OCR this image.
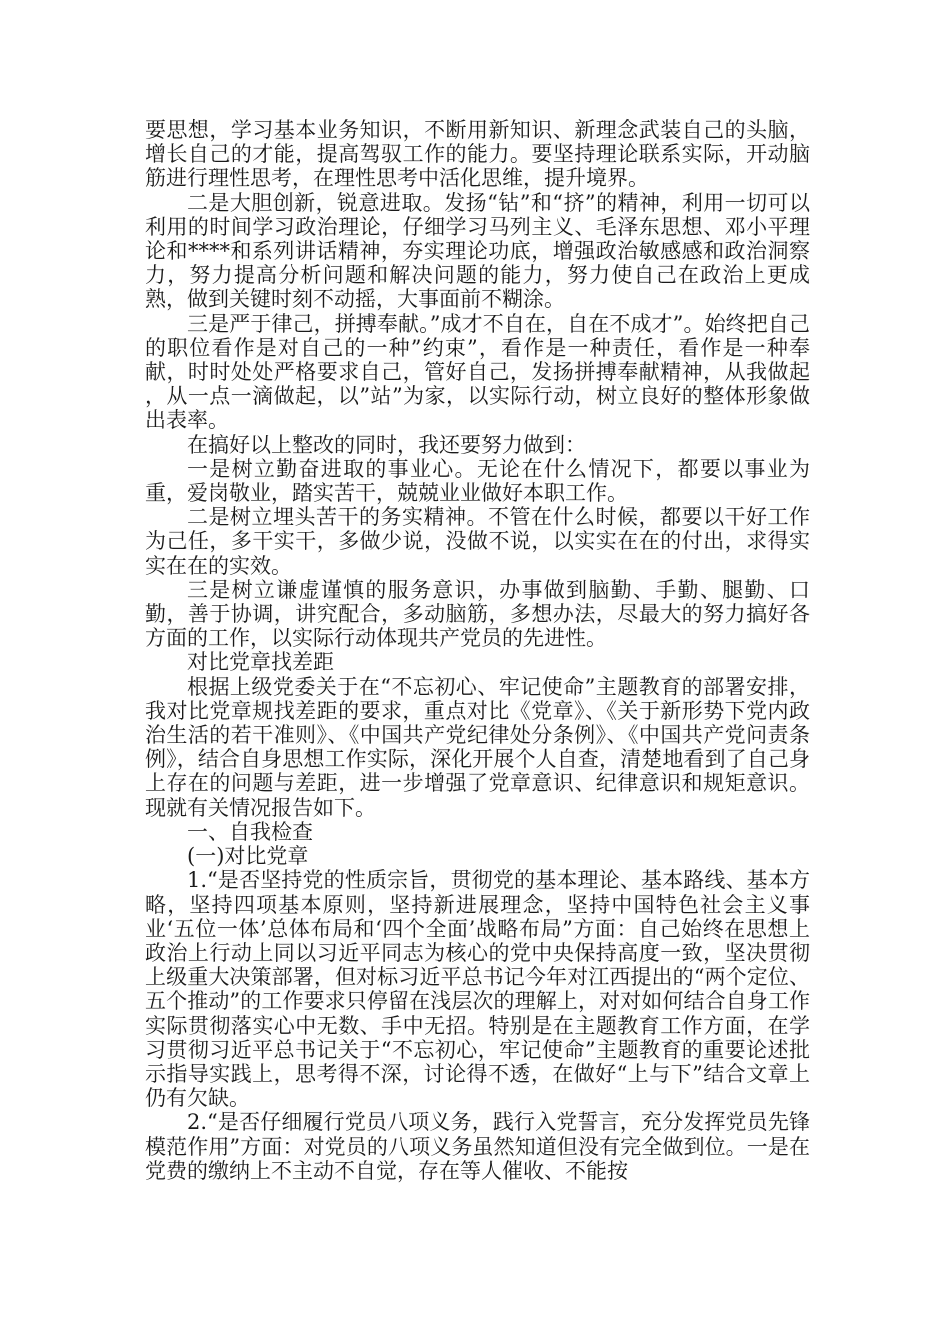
要思想，学习基本业务知识，不断用新知识、新理念武装自己的头脑，增长自己的才能，提高驾驭工作的能力。要坚持理论联系实际，开动脑筋进行理性思考，在理性思考中活化思维，提升境界。

二是大胆创新，锐意进取。发扬“钻”和“挤”的精神，利用一切可以利用的时间学习政治理论，仔细学习马列主义、毛泽东思想、邓小平理论和****和系列讲话精神，夯实理论功底，增强政治敏感感和政治洞察力，努力提高分析问题和解决问题的能力，努力使自己在政治上更成熟，做到关键时刻不动摇，大事面前不糊涂。

三是严于律己，拼搏奉献。”成才不自在，自在不成才”。始终把自己的职位看作是对自己的一种”约束”，看作是一种责任，看作是一种奉献，时时处处严格要求自己，管好自己，发扬拼搏奉献精神，从我做起 ，从一点一滴做起，以”站”为家，以实际行动，树立良好的整体形象做出表率。

在搞好以上整改的同时，我还要努力做到：

一是树立勤奋进取的事业心。无论在什么情况下，都要以事业为重，爱岗敬业，踏实苦干，兢兢业业做好本职工作。

二是树立埋头苦干的务实精神。不管在什么时候，都要以干好工作为己任，多干实干，多做少说，没做不说，以实实在在的付出，求得实实在在的实效。

三是树立谦虚谨慎的服务意识，办事做到脑勤、手勤、腿勤、口勤，善于协调，讲究配合，多动脑筋，多想办法，尽最大的努力搞好各方面的工作，以实际行动体现共产党员的先进性。

对比党章找差距

根据上级党委关于在“不忘初心、牢记使命”主题教育的部署安排，我对比党章规找差距的要求，重点对比《党章》、《关于新形势下党内政治生活的若干准则》、《中国共产党纪律处分条例》、《中国共产党问责条例》，结合自身思想工作实际，深化开展个人自查，清楚地看到了自己身上存在的问题与差距，进一步增强了党章意识、纪律意识和规矩意识。现就有关情况报告如下。

一、自我检查

(一)对比党章

1.“是否坚持党的性质宗旨，贯彻党的基本理论、基本路线、基本方略，坚持四项基本原则，坚持新进展理念，坚持中国特色社会主义事业‘五位一体’总体布局和‘四个全面’战略布局”方面：自己始终在思想上政治上行动上同以习近平同志为核心的党中央保持高度一致，坚决贯彻上级重大决策部署，但对标习近平总书记今年对江西提出的“两个定位、五个推动”的工作要求只停留在浅层次的理解上，对对如何结合自身工作实际贯彻落实心中无数、手中无招。特别是在主题教育工作方面，在学习贯彻习近平总书记关于“不忘初心，牢记使命”主题教育的重要论述批示指导实践上，思考得不深，讨论得不透，在做好“上与下”结合文章上仍有欠缺。

2.“是否仔细履行党员八项义务，践行入党誓言，充分发挥党员先锋模范作用”方面：对党员的八项义务虽然知道但没有完全做到位。一是在党费的缴纳上不主动不自觉，存在等人催收、不能按
